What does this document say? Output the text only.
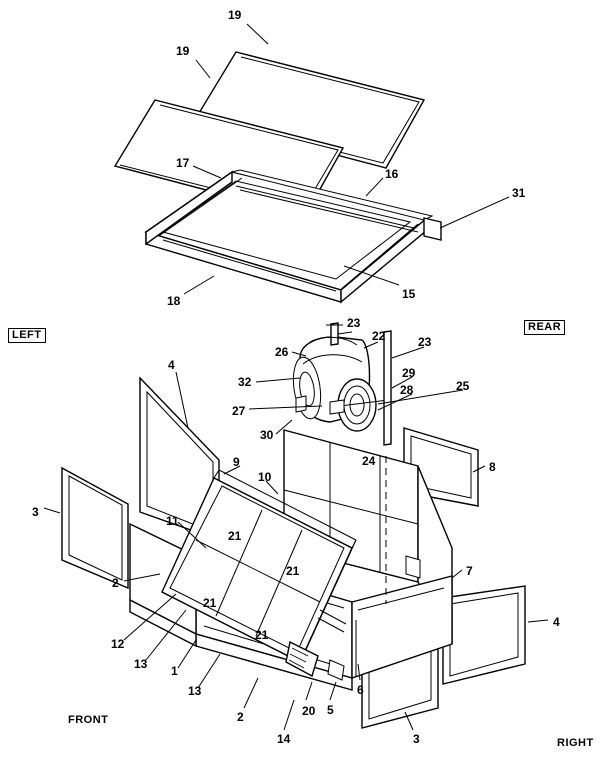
LEFT
REAR
FRONT
RIGHT
19
19
17
16
31
15
18
23
22	23
26
29
25
32
28
4
27
30
24	8
9
10
3
11
21
21	7
2
4
21
21
12
13 1
13	6
2	20 5
14	3
